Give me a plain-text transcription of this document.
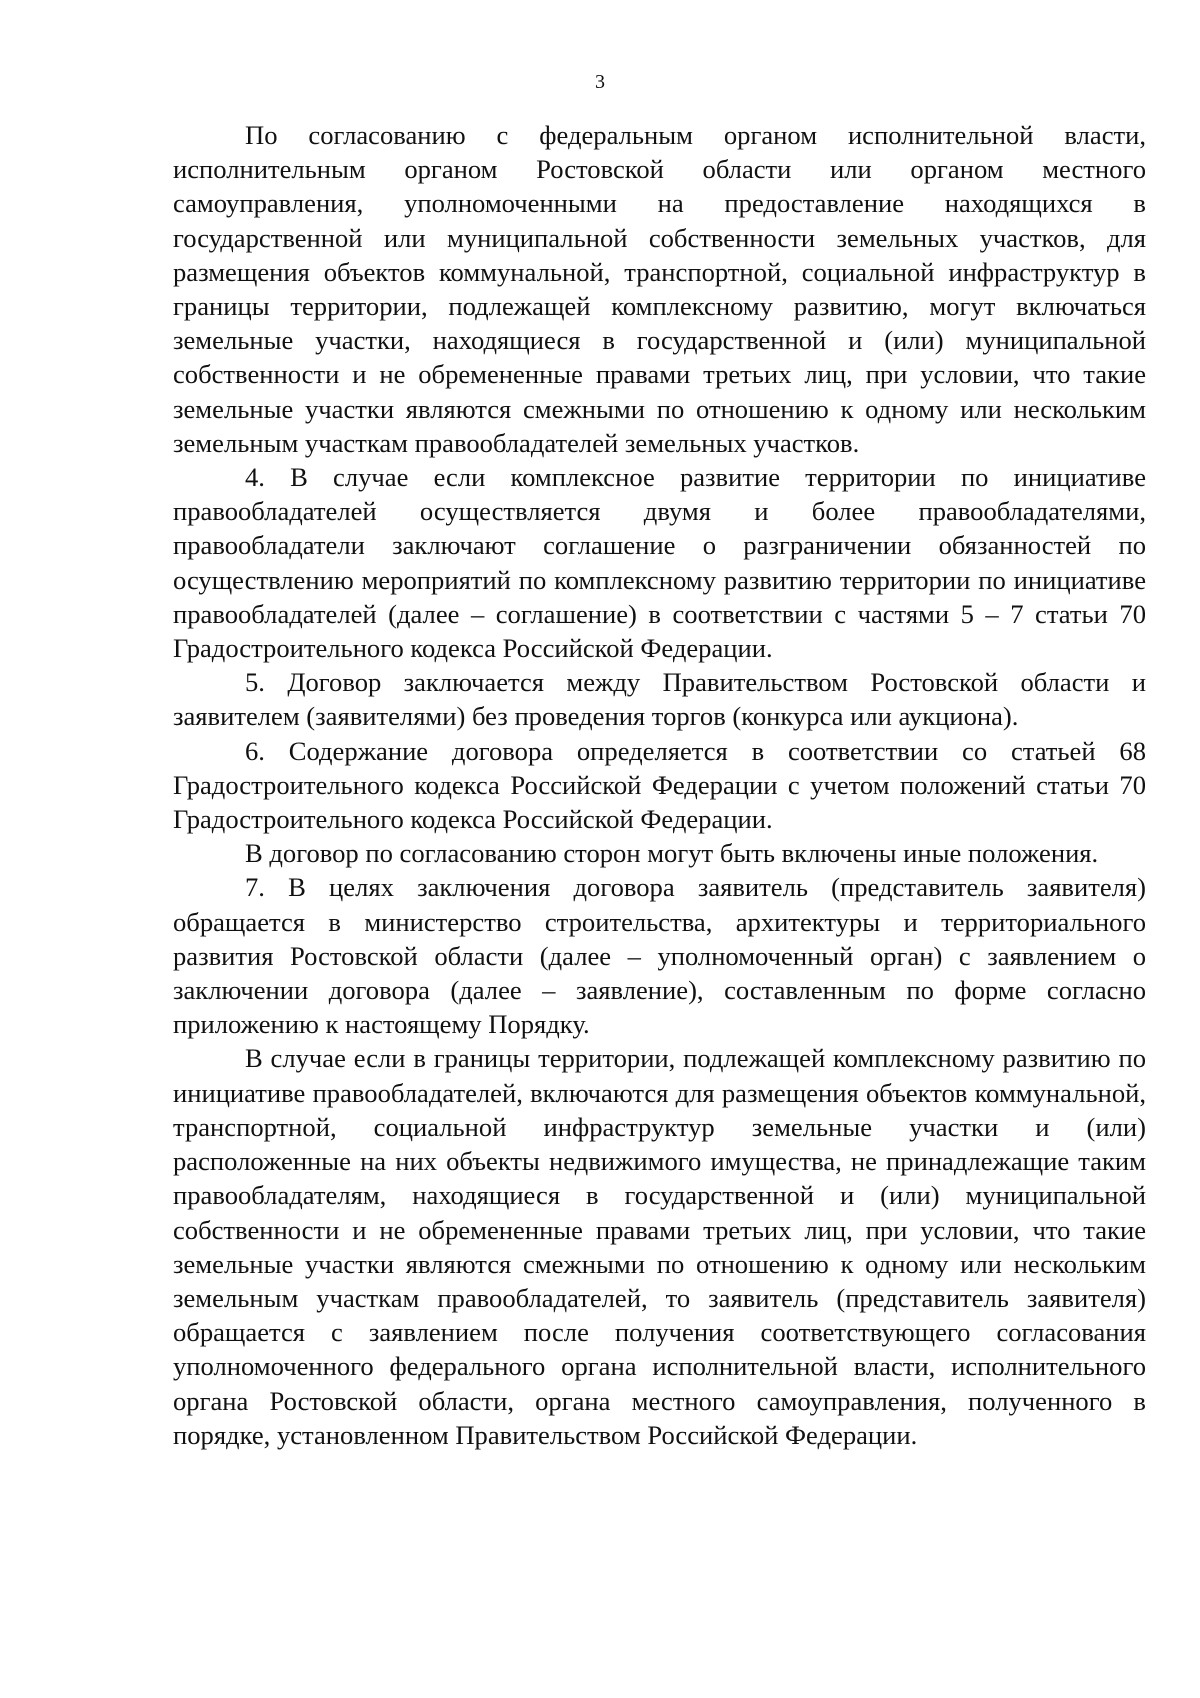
3

По согласованию с федеральным органом исполнительной власти, исполнительным органом Ростовской области или органом местного самоуправления, уполномоченными на предоставление находящихся в государственной или муниципальной собственности земельных участков, для размещения объектов коммунальной, транспортной, социальной инфраструктур в границы территории, подлежащей комплексному развитию, могут включаться земельные участки, находящиеся в государственной и (или) муниципальной собственности и не обремененные правами третьих лиц, при условии, что такие земельные участки являются смежными по отношению к одному или нескольким земельным участкам правообладателей земельных участков.

4. В случае если комплексное развитие территории по инициативе правообладателей осуществляется двумя и более правообладателями, правообладатели заключают соглашение о разграничении обязанностей по осуществлению мероприятий по комплексному развитию территории по инициативе правообладателей (далее – соглашение) в соответствии с частями 5 – 7 статьи 70 Градостроительного кодекса Российской Федерации.

5. Договор заключается между Правительством Ростовской области и заявителем (заявителями) без проведения торгов (конкурса или аукциона).

6. Содержание договора определяется в соответствии со статьей 68 Градостроительного кодекса Российской Федерации с учетом положений статьи 70 Градостроительного кодекса Российской Федерации.

В договор по согласованию сторон могут быть включены иные положения.

7. В целях заключения договора заявитель (представитель заявителя) обращается в министерство строительства, архитектуры и территориального развития Ростовской области (далее – уполномоченный орган) с заявлением о заключении договора (далее – заявление), составленным по форме согласно приложению к настоящему Порядку.

В случае если в границы территории, подлежащей комплексному развитию по инициативе правообладателей, включаются для размещения объектов коммунальной, транспортной, социальной инфраструктур земельные участки и (или) расположенные на них объекты недвижимого имущества, не принадлежащие таким правообладателям, находящиеся в государственной и (или) муниципальной собственности и не обремененные правами третьих лиц, при условии, что такие земельные участки являются смежными по отношению к одному или нескольким земельным участкам правообладателей, то заявитель (представитель заявителя) обращается с заявлением после получения соответствующего согласования уполномоченного федерального органа исполнительной власти, исполнительного органа Ростовской области, органа местного самоуправления, полученного в порядке, установленном Правительством Российской Федерации.
